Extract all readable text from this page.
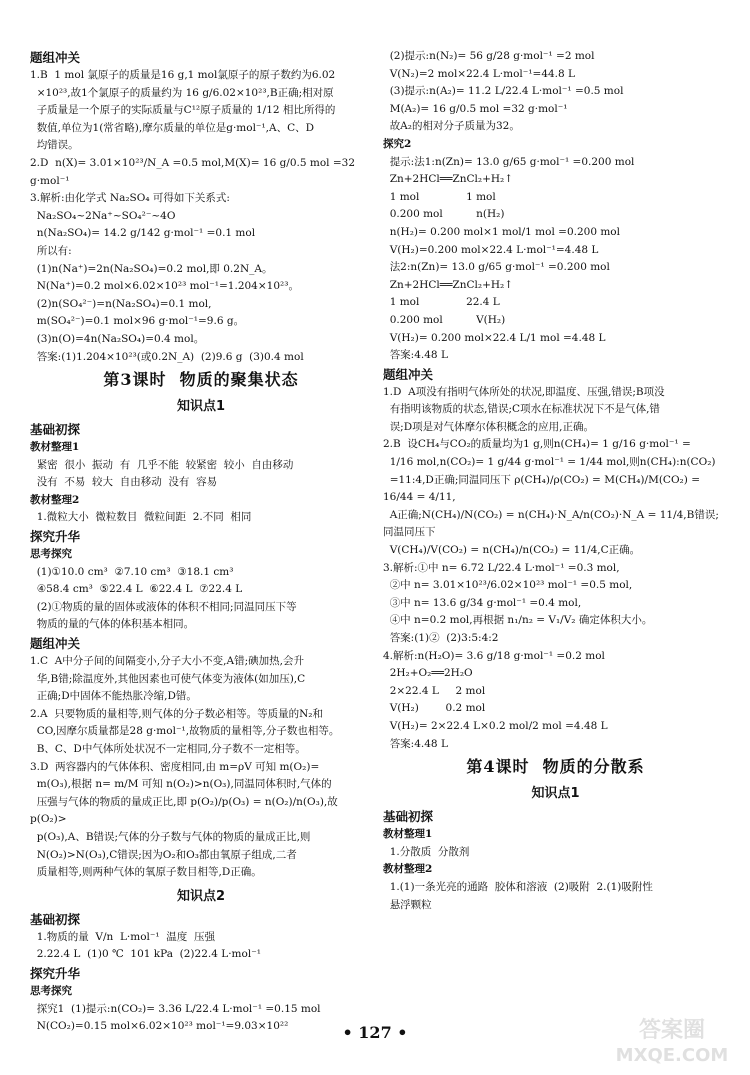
题组冲关
1.B  1 mol 氯原子的质量是16 g,1 mol氯原子的原子数约为6.02
×10²³,故1个氯原子的质量约为 16 g/6.02×10²³,B正确;相对原
子质量是一个原子的实际质量与C¹²原子质量的 1/12 相比所得的
数值,单位为1(常省略),摩尔质量的单位是g·mol⁻¹,A、C、D
均错误。
2.D  n(X)= 3.01×10²³/N_A =0.5 mol,M(X)= 16 g/0.5 mol =32 g·mol⁻¹
3.解析:由化学式 Na₂SO₄ 可得如下关系式:
Na₂SO₄~2Na⁺~SO₄²⁻~4O
n(Na₂SO₄)= 14.2 g/142 g·mol⁻¹ =0.1 mol
所以有:
(1)n(Na⁺)=2n(Na₂SO₄)=0.2 mol,即 0.2N_A。
N(Na⁺)=0.2 mol×6.02×10²³ mol⁻¹=1.204×10²³。
(2)n(SO₄²⁻)=n(Na₂SO₄)=0.1 mol,
m(SO₄²⁻)=0.1 mol×96 g·mol⁻¹=9.6 g。
(3)n(O)=4n(Na₂SO₄)=0.4 mol。
答案:(1)1.204×10²³(或0.2N_A)  (2)9.6 g  (3)0.4 mol
第3课时  物质的聚集状态
知识点1
基础初探
教材整理1
紧密  很小  振动  有  几乎不能  较紧密  较小  自由移动
没有  不易  较大  自由移动  没有  容易
教材整理2
1.微粒大小  微粒数目  微粒间距  2.不同  相同
探究升华
思考探究
(1)①10.0 cm³  ②7.10 cm³  ③18.1 cm³
④58.4 cm³  ⑤22.4 L  ⑥22.4 L  ⑦22.4 L
(2)①物质的量的固体或液体的体积不相同;同温同压下等
物质的量的气体的体积基本相同。
题组冲关
1.C  A中分子间的间隔变小,分子大小不变,A错;碘加热,会升
华,B错;除温度外,其他因素也可使气体变为液体(如加压),C
正确;D中固体不能热胀冷缩,D错。
2.A  只要物质的量相等,则气体的分子数必相等。等质量的N₂和
CO,因摩尔质量都是28 g·mol⁻¹,故物质的量相等,分子数也相等。
B、C、D中气体所处状况不一定相同,分子数不一定相等。
3.D  两容器内的气体体积、密度相同,由 m=ρV 可知 m(O₂)=
m(O₃),根据 n= m/M 可知 n(O₂)>n(O₃),同温同体积时,气体的
压强与气体的物质的量成正比,即 p(O₂)/p(O₃) = n(O₂)/n(O₃),故 p(O₂)>
p(O₃),A、B错误;气体的分子数与气体的物质的量成正比,则
N(O₂)>N(O₃),C错误;因为O₂和O₃都由氧原子组成,二者
质量相等,则两种气体的氧原子数目相等,D正确。
知识点2
基础初探
1.物质的量  V/n  L·mol⁻¹  温度  压强
2.22.4 L  (1)0 ℃  101 kPa  (2)22.4 L·mol⁻¹
探究升华
思考探究
探究1  (1)提示:n(CO₂)= 3.36 L/22.4 L·mol⁻¹ =0.15 mol
N(CO₂)=0.15 mol×6.02×10²³ mol⁻¹=9.03×10²²
(2)提示:n(N₂)= 56 g/28 g·mol⁻¹ =2 mol
V(N₂)=2 mol×22.4 L·mol⁻¹=44.8 L
(3)提示:n(A₂)= 11.2 L/22.4 L·mol⁻¹ =0.5 mol
M(A₂)= 16 g/0.5 mol =32 g·mol⁻¹
故A₂的相对分子质量为32。
探究2
提示:法1:n(Zn)= 13.0 g/65 g·mol⁻¹ =0.200 mol
Zn+2HCl══ZnCl₂+H₂↑
1 mol              1 mol
0.200 mol          n(H₂)
n(H₂)= 0.200 mol×1 mol/1 mol =0.200 mol
V(H₂)=0.200 mol×22.4 L·mol⁻¹=4.48 L
法2:n(Zn)= 13.0 g/65 g·mol⁻¹ =0.200 mol
Zn+2HCl══ZnCl₂+H₂↑
1 mol              22.4 L
0.200 mol          V(H₂)
V(H₂)= 0.200 mol×22.4 L/1 mol =4.48 L
答案:4.48 L
题组冲关
1.D  A项没有指明气体所处的状况,即温度、压强,错误;B项没
有指明该物质的状态,错误;C项水在标准状况下不是气体,错
误;D项是对气体摩尔体积概念的应用,正确。
2.B  设CH₄与CO₂的质量均为1 g,则n(CH₄)= 1 g/16 g·mol⁻¹ =
1/16 mol,n(CO₂)= 1 g/44 g·mol⁻¹ = 1/44 mol,则n(CH₄):n(CO₂)
=11:4,D正确;同温同压下 ρ(CH₄)/ρ(CO₂) = M(CH₄)/M(CO₂) = 16/44 = 4/11,
A正确;N(CH₄)/N(CO₂) = n(CH₄)·N_A/n(CO₂)·N_A = 11/4,B错误;同温同压下
V(CH₄)/V(CO₂) = n(CH₄)/n(CO₂) = 11/4,C正确。
3.解析:①中 n= 6.72 L/22.4 L·mol⁻¹ =0.3 mol,
②中 n= 3.01×10²³/6.02×10²³ mol⁻¹ =0.5 mol,
③中 n= 13.6 g/34 g·mol⁻¹ =0.4 mol,
④中 n=0.2 mol,再根据 n₁/n₂ = V₁/V₂ 确定体积大小。
答案:(1)②  (2)3:5:4:2
4.解析:n(H₂O)= 3.6 g/18 g·mol⁻¹ =0.2 mol
2H₂+O₂══2H₂O
2×22.4 L     2 mol
V(H₂)        0.2 mol
V(H₂)= 2×22.4 L×0.2 mol/2 mol =4.48 L
答案:4.48 L
第4课时  物质的分散系
知识点1
基础初探
教材整理1
1.分散质  分散剂
教材整理2
1.(1)一条光亮的通路  胶体和溶液  (2)吸附  2.(1)吸附性
悬浮颗粒
• 127 •	答案圈
MXQE.COM
